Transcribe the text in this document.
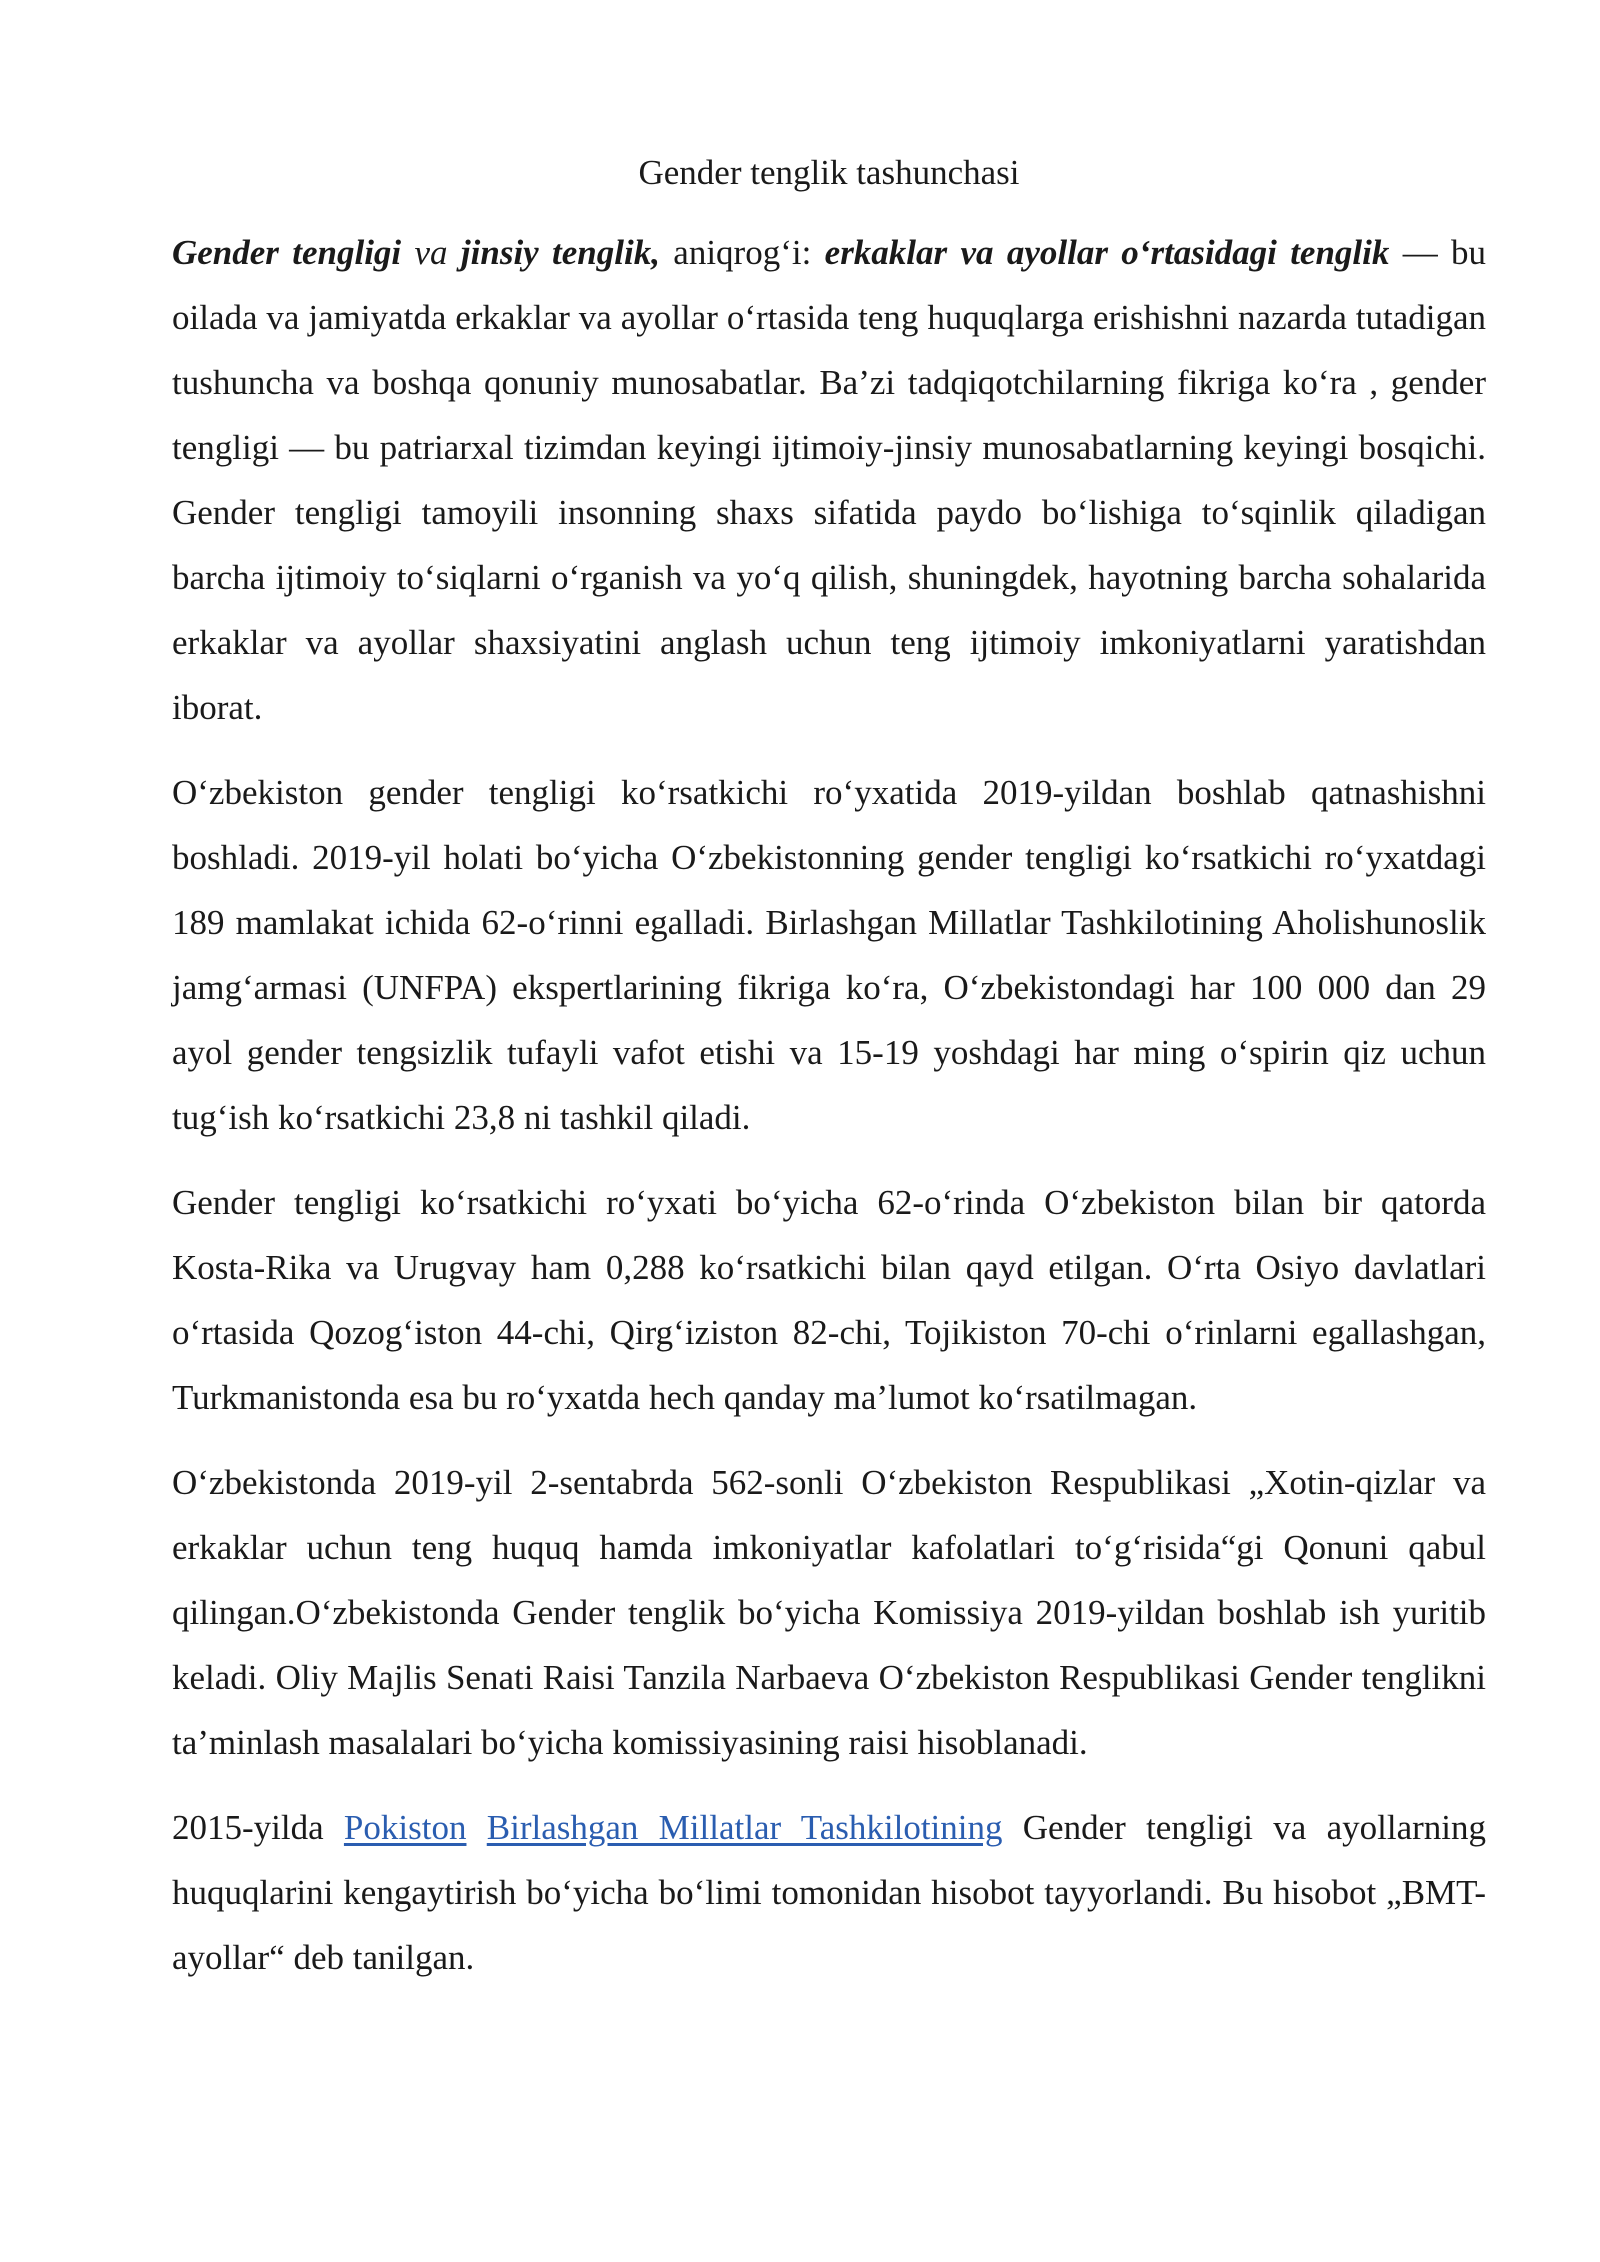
Gender tenglik tashunchasi

Gender tengligi va jinsiy tenglik, aniqrog‘i: erkaklar va ayollar o‘rtasidagi tenglik — bu oilada va jamiyatda erkaklar va ayollar o‘rtasida teng huquqlarga erishishni nazarda tutadigan tushuncha va boshqa qonuniy munosabatlar. Ba’zi tadqiqotchilarning fikriga ko‘ra , gender tengligi — bu patriarxal tizimdan keyingi ijtimoiy-jinsiy munosabatlarning keyingi bosqichi. Gender tengligi tamoyili insonning shaxs sifatida paydo bo‘lishiga to‘sqinlik qiladigan barcha ijtimoiy to‘siqlarni o‘rganish va yo‘q qilish, shuningdek, hayotning barcha sohalarida erkaklar va ayollar shaxsiyatini anglash uchun teng ijtimoiy imkoniyatlarni yaratishdan iborat.

O‘zbekiston gender tengligi ko‘rsatkichi ro‘yxatida 2019-yildan boshlab qatnashishni boshladi. 2019-yil holati bo‘yicha O‘zbekistonning gender tengligi ko‘rsatkichi ro‘yxatdagi 189 mamlakat ichida 62-o‘rinni egalladi. Birlashgan Millatlar Tashkilotining Aholishunoslik jamg‘armasi (UNFPA) ekspertlarining fikriga ko‘ra, O‘zbekistondagi har 100 000 dan 29 ayol gender tengsizlik tufayli vafot etishi va 15-19 yoshdagi har ming o‘spirin qiz uchun tug‘ish ko‘rsatkichi 23,8 ni tashkil qiladi.

Gender tengligi ko‘rsatkichi ro‘yxati bo‘yicha 62-o‘rinda O‘zbekiston bilan bir qatorda Kosta-Rika va Urugvay ham 0,288 ko‘rsatkichi bilan qayd etilgan. O‘rta Osiyo davlatlari o‘rtasida Qozog‘iston 44-chi, Qirg‘iziston 82-chi, Tojikiston 70-chi o‘rinlarni egallashgan, Turkmanistonda esa bu ro‘yxatda hech qanday ma’lumot ko‘rsatilmagan.

O‘zbekistonda 2019-yil 2-sentabrda 562-sonli O‘zbekiston Respublikasi „Xotin-qizlar va erkaklar uchun teng huquq hamda imkoniyatlar kafolatlari to‘g‘risida“gi Qonuni qabul qilingan.O‘zbekistonda Gender tenglik bo‘yicha Komissiya 2019-yildan boshlab ish yuritib keladi. Oliy Majlis Senati Raisi Tanzila Narbaeva O‘zbekiston Respublikasi Gender tenglikni ta’minlash masalalari bo‘yicha komissiyasining raisi hisoblanadi.

2015-yilda Pokiston Birlashgan Millatlar Tashkilotining Gender tengligi va ayollarning huquqlarini kengaytirish bo‘yicha bo‘limi tomonidan hisobot tayyorlandi. Bu hisobot „BMT-ayollar“ deb tanilgan.
